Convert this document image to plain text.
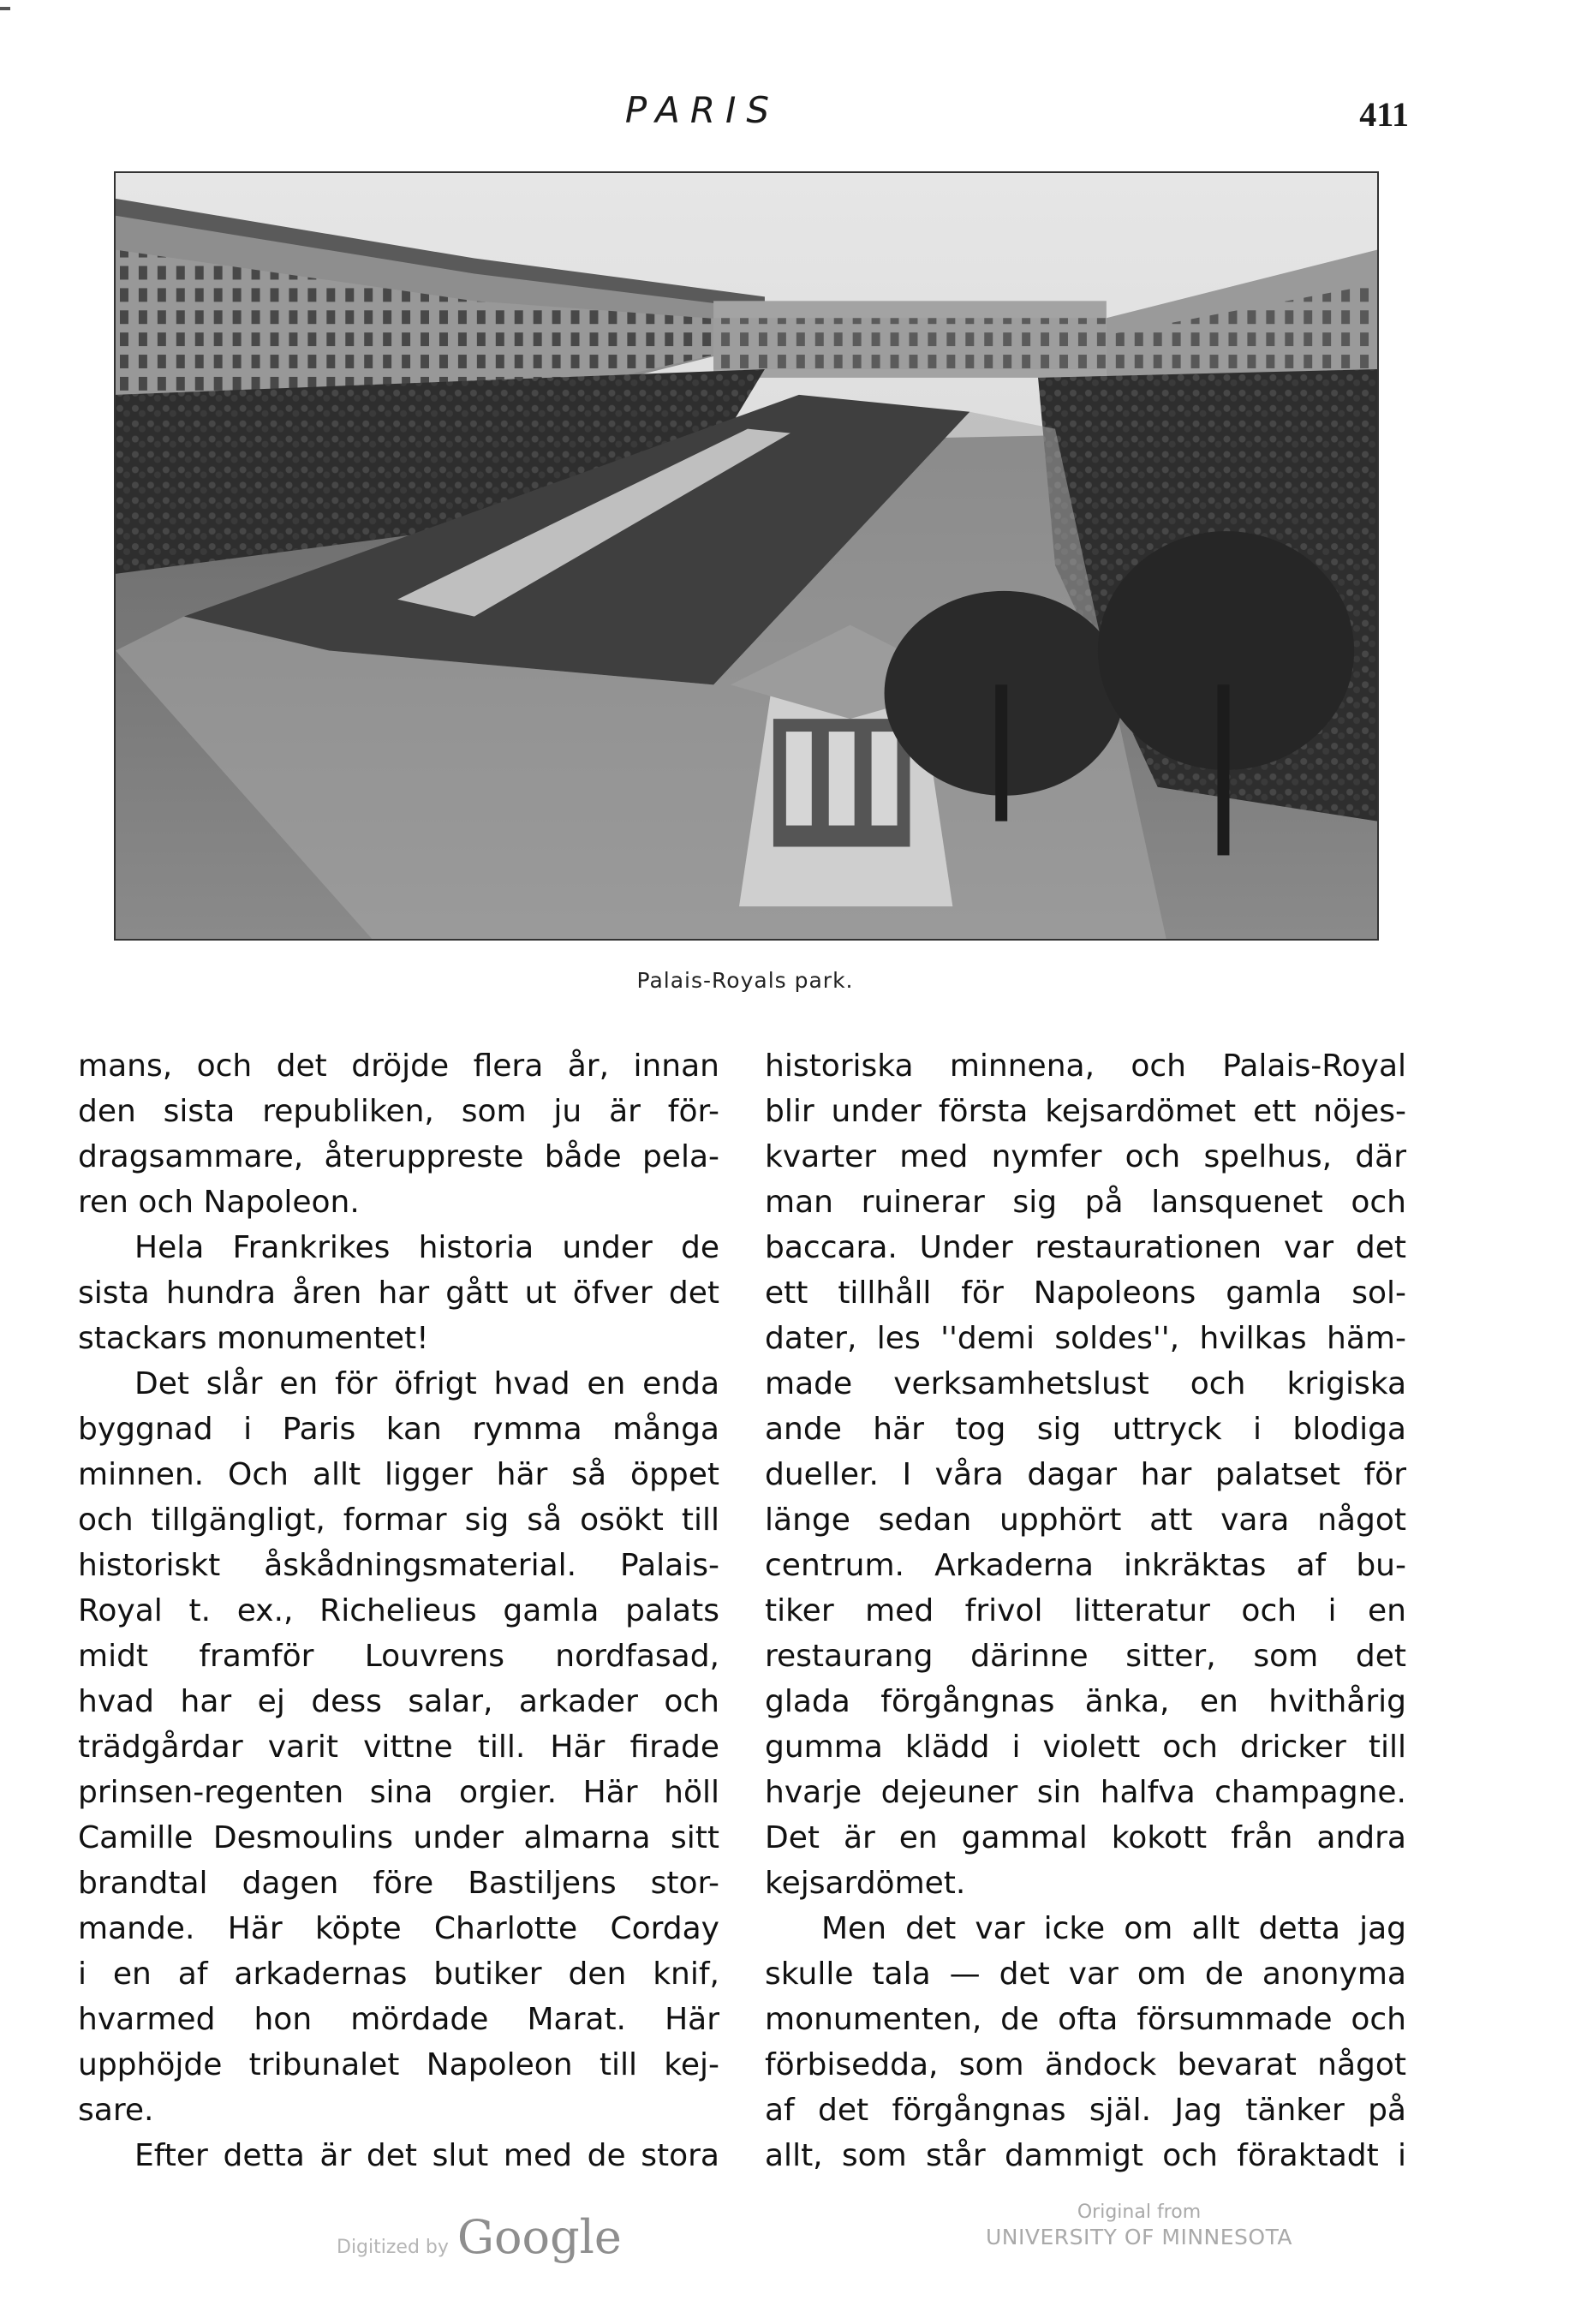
PARIS	411
Palais-Royals park.
mans, och det dröjde flera år, innan
den sista republiken, som ju är för-
dragsammare, återuppreste både pela-
ren och Napoleon.
Hela Frankrikes historia under de
sista hundra åren har gått ut öfver det
stackars monumentet!
Det slår en för öfrigt hvad en enda
byggnad i Paris kan rymma många
minnen. Och allt ligger här så öppet
och tillgängligt, formar sig så osökt till
historiskt åskådningsmaterial. Palais-
Royal t. ex., Richelieus gamla palats
midt framför Louvrens nordfasad,
hvad har ej dess salar, arkader och
trädgårdar varit vittne till. Här firade
prinsen-regenten sina orgier. Här höll
Camille Desmoulins under almarna sitt
brandtal dagen före Bastiljens stor-
mande. Här köpte Charlotte Corday
i en af arkadernas butiker den knif,
hvarmed hon mördade Marat. Här
upphöjde tribunalet Napoleon till kej-
sare.
Efter detta är det slut med de stora
historiska minnena, och Palais-Royal
blir under första kejsardömet ett nöjes-
kvarter med nymfer och spelhus, där
man ruinerar sig på lansquenet och
baccara. Under restaurationen var det
ett tillhåll för Napoleons gamla sol-
dater, les ''demi soldes'', hvilkas häm-
made verksamhetslust och krigiska
ande här tog sig uttryck i blodiga
dueller. I våra dagar har palatset för
länge sedan upphört att vara något
centrum. Arkaderna inkräktas af bu-
tiker med frivol litteratur och i en
restaurang därinne sitter, som det
glada förgångnas änka, en hvithårig
gumma klädd i violett och dricker till
hvarje dejeuner sin halfva champagne.
Det är en gammal kokott från andra
kejsardömet.
Men det var icke om allt detta jag
skulle tala — det var om de anonyma
monumenten, de ofta försummade och
förbisedda, som ändock bevarat något
af det förgångnas själ. Jag tänker på
allt, som står dammigt och föraktadt i
Digitized by Google	Original from
UNIVERSITY OF MINNESOTA
